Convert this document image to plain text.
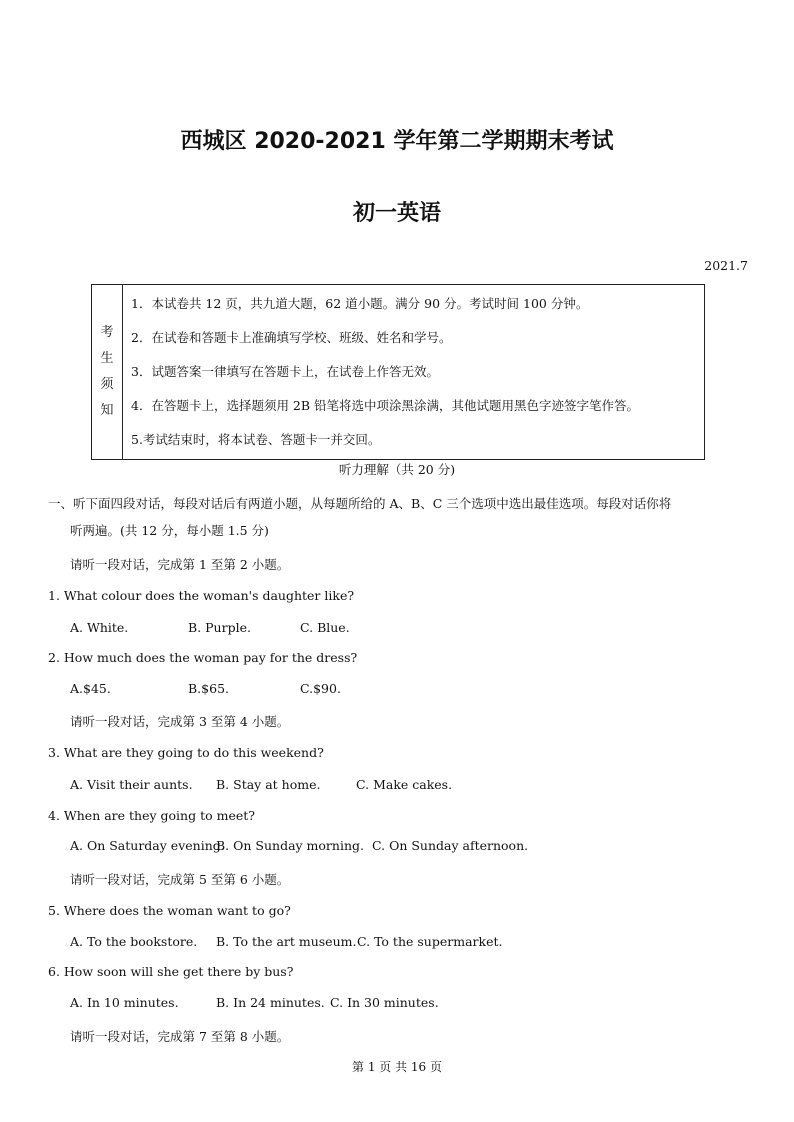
西城区 2020-2021 学年第二学期期末考试
初一英语
2021.7
考
生
须
知

1．本试卷共 12 页，共九道大题，62 道小题。满分 90 分。考试时间 100 分钟。
2．在试卷和答题卡上准确填写学校、班级、姓名和学号。
3．试题答案一律填写在答题卡上，在试卷上作答无效。
4．在答题卡上，选择题须用 2B 铅笔将选中项涂黑涂满，其他试题用黑色字迹签字笔作答。
5.考试结束时，将本试卷、答题卡一并交回。
听力理解（共 20 分)
一、听下面四段对话，每段对话后有两道小题，从每题所给的 A、B、C 三个选项中选出最佳选项。每段对话你将
听两遍。(共 12 分，每小题 1.5 分)
请听一段对话，完成第 1 至第 2 小题。
1. What colour does the woman's daughter like?
A. White.	B. Purple.	C. Blue.
2. How much does the woman pay for the dress?
A.$45.	B.$65.	C.$90.
请听一段对话，完成第 3 至第 4 小题。
3. What are they going to do this weekend?
A. Visit their aunts. B. Stay at home.	C. Make cakes.
4. When are they going to meet?
A. On Saturday evening.
B. On Sunday morning. C. On Sunday afternoon.
请听一段对话，完成第 5 至第 6 小题。
5. Where does the woman want to go?
A. To the bookstore. B. To the art museum. C. To the supermarket.
6. How soon will she get there by bus?
A. In 10 minutes.	B. In 24 minutes. C. In 30 minutes.
请听一段对话，完成第 7 至第 8 小题。
第 1 页 共 16 页
